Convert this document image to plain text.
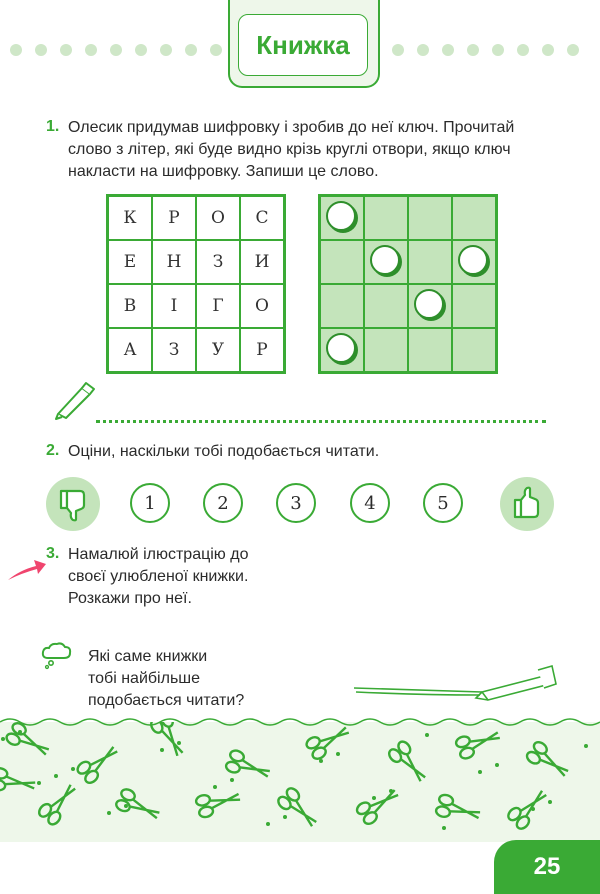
Книжка
1. Олесик придумав шифровку і зробив до неї ключ. Прочитай
слово з літер, які буде видно крізь круглі отвори, якщо ключ
накласти на шифровку. Запиши це слово.
К	Р	О	С
Е	Н	З	И
В	І	Г	О
А	З	У	Р
2. Оціни, наскільки тобі подобається читати.
1	2	3	4	5
3. Намалюй ілюстрацію до
своєї улюбленої книжки.
Розкажи про неї.
Які саме книжки
тобі найбільше
подобається читати?
25
